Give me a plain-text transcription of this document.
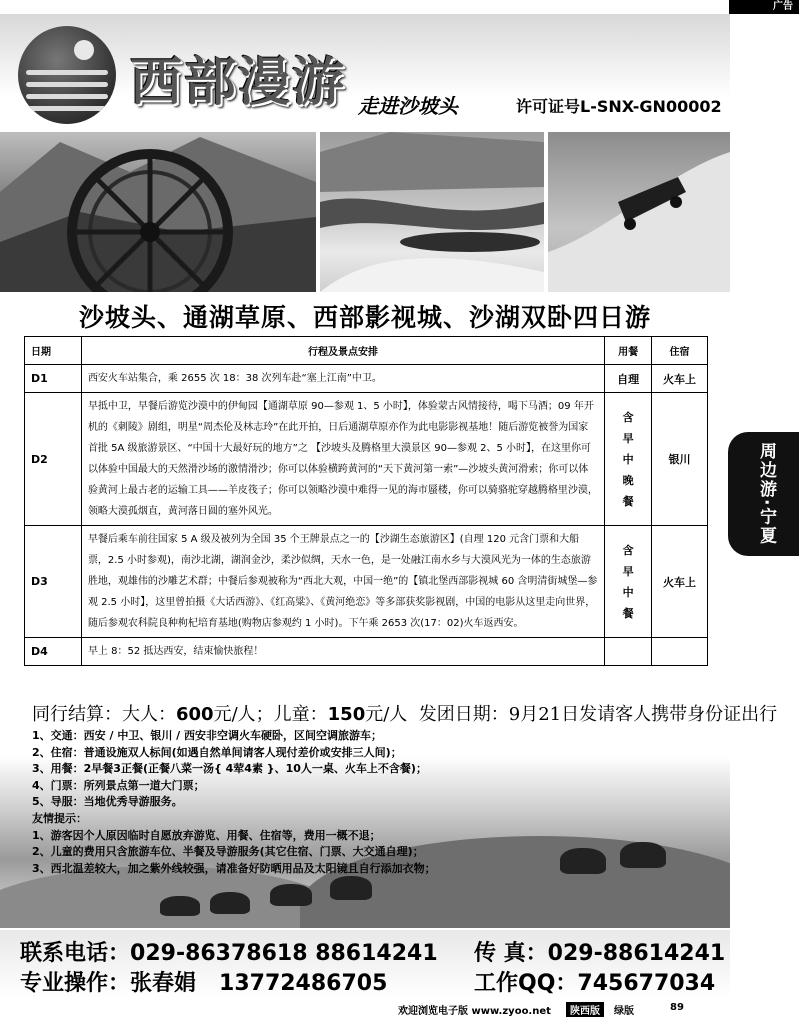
广告
西部漫游 走进沙坡头	许可证号L-SNX-GN00002
沙坡头、通湖草原、西部影视城、沙湖双卧四日游
日期	行程及景点安排	用餐	住宿
D1	西安火车站集合，乘 2655 次 18：38 次列车赴“塞上江南”中卫。	自理	火车上
D2	早抵中卫，早餐后游览沙漠中的伊甸园【通湖草原 90—参观 1、5 小时】，体验蒙古风情接待，喝下马酒；09 年开机的《刺陵》剧组，明星“周杰伦及林志玲”在此开拍，日后通湖草原亦作为此电影影视基地！随后游览被誉为国家首批 5A 级旅游景区、“中国十大最好玩的地方”之 【沙坡头及腾格里大漠景区 90—参观 2、5 小时】，在这里你可以体验中国最大的天然滑沙场的激情滑沙；你可以体验横跨黄河的“天下黄河第一索”—沙坡头黄河滑索；你可以体验黄河上最古老的运输工具——羊皮筏子；你可以领略沙漠中难得一见的海市蜃楼，你可以骑骆驼穿越腾格里沙漠，领略大漠孤烟直，黄河落日圆的塞外风光。	含早中晚餐	银川
D3	早餐后乘车前往国家 5 A 级及被列为全国 35 个王牌景点之一的【沙湖生态旅游区】(自理 120 元含门票和大船票，2.5 小时参观)，南沙北湖，湖润金沙，柔沙似绸，天水一色，是一处融江南水乡与大漠风光为一体的生态旅游胜地，观雄伟的沙雕艺术群；中餐后参观被称为“西北大观，中国一绝”的【镇北堡西部影视城 60 含明清街城堡—参观 2.5 小时】，这里曾拍摄《大话西游》、《红高粱》、《黄河绝恋》等多部获奖影视剧，中国的电影从这里走向世界，随后参观农科院良种枸杞培育基地(购物店参观约 1 小时)。下午乘 2653 次(17：02)火车返西安。	含早中餐	火车上
D4	早上 8：52 抵达西安，结束愉快旅程！		
周边游·宁夏
同行结算：大人：600元/人；儿童：150元/人 发团日期：9月21日发请客人携带身份证出行
1、交通：西安 / 中卫、银川 / 西安非空调火车硬卧，区间空调旅游车；
2、住宿：普通设施双人标间(如遇自然单间请客人现付差价或安排三人间)；
3、用餐：2早餐3正餐(正餐八菜一汤{ 4荤4素 }、10人一桌、火车上不含餐)；
4、门票：所列景点第一道大门票；
5、导服：当地优秀导游服务。
友情提示：
1、游客因个人原因临时自愿放弃游览、用餐、住宿等，费用一概不退；
2、儿童的费用只含旅游车位、半餐及导游服务(其它住宿、门票、大交通自理)；
3、西北温差较大，加之紫外线较强，请准备好防晒用品及太阳镜且自行添加衣物；
联系电话：029-86378618 88614241 传 真：029-88614241
专业操作：张春娟 13772486705	工作QQ：745677034
欢迎浏览电子版 www.zyoo.net	陕西版	绿版	89
